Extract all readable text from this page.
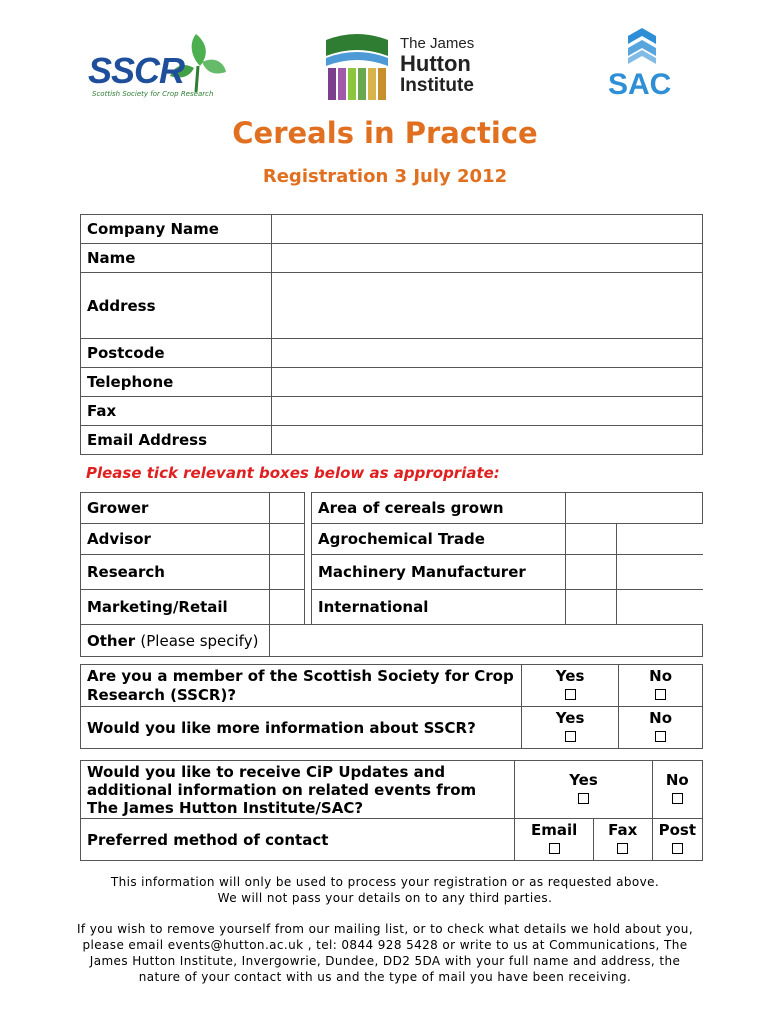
SSCR
Scottish Society for Crop Research
The James
Hutton
Institute	SAC
Cereals in Practice
Registration 3 July 2012
Company Name	
Name	
Address	
Postcode	
Telephone	
Fax	
Email Address	
Please tick relevant boxes below as appropriate:
Grower			Area of cereals grown	
Advisor			Agrochemical Trade	

Research			Machinery Manufacturer	

Marketing/Retail			International	

Other (Please specify)				
Are you a member of the Scottish Society for Crop Research (SSCR)?	Yes	No

Would you like more information about SSCR?	Yes	No
Would you like to receive CiP Updates and additional information on related events from The James Hutton Institute/SAC?	Yes		No

Preferred method of contact	Email	Fax	Post
This information will only be used to process your registration or as requested above.
We will not pass your details on to any third parties.
If you wish to remove yourself from our mailing list, or to check what details we hold about you,
please email events@hutton.ac.uk , tel: 0844 928 5428 or write to us at Communications, The
James Hutton Institute, Invergowrie, Dundee, DD2 5DA with your full name and address, the
nature of your contact with us and the type of mail you have been receiving.
